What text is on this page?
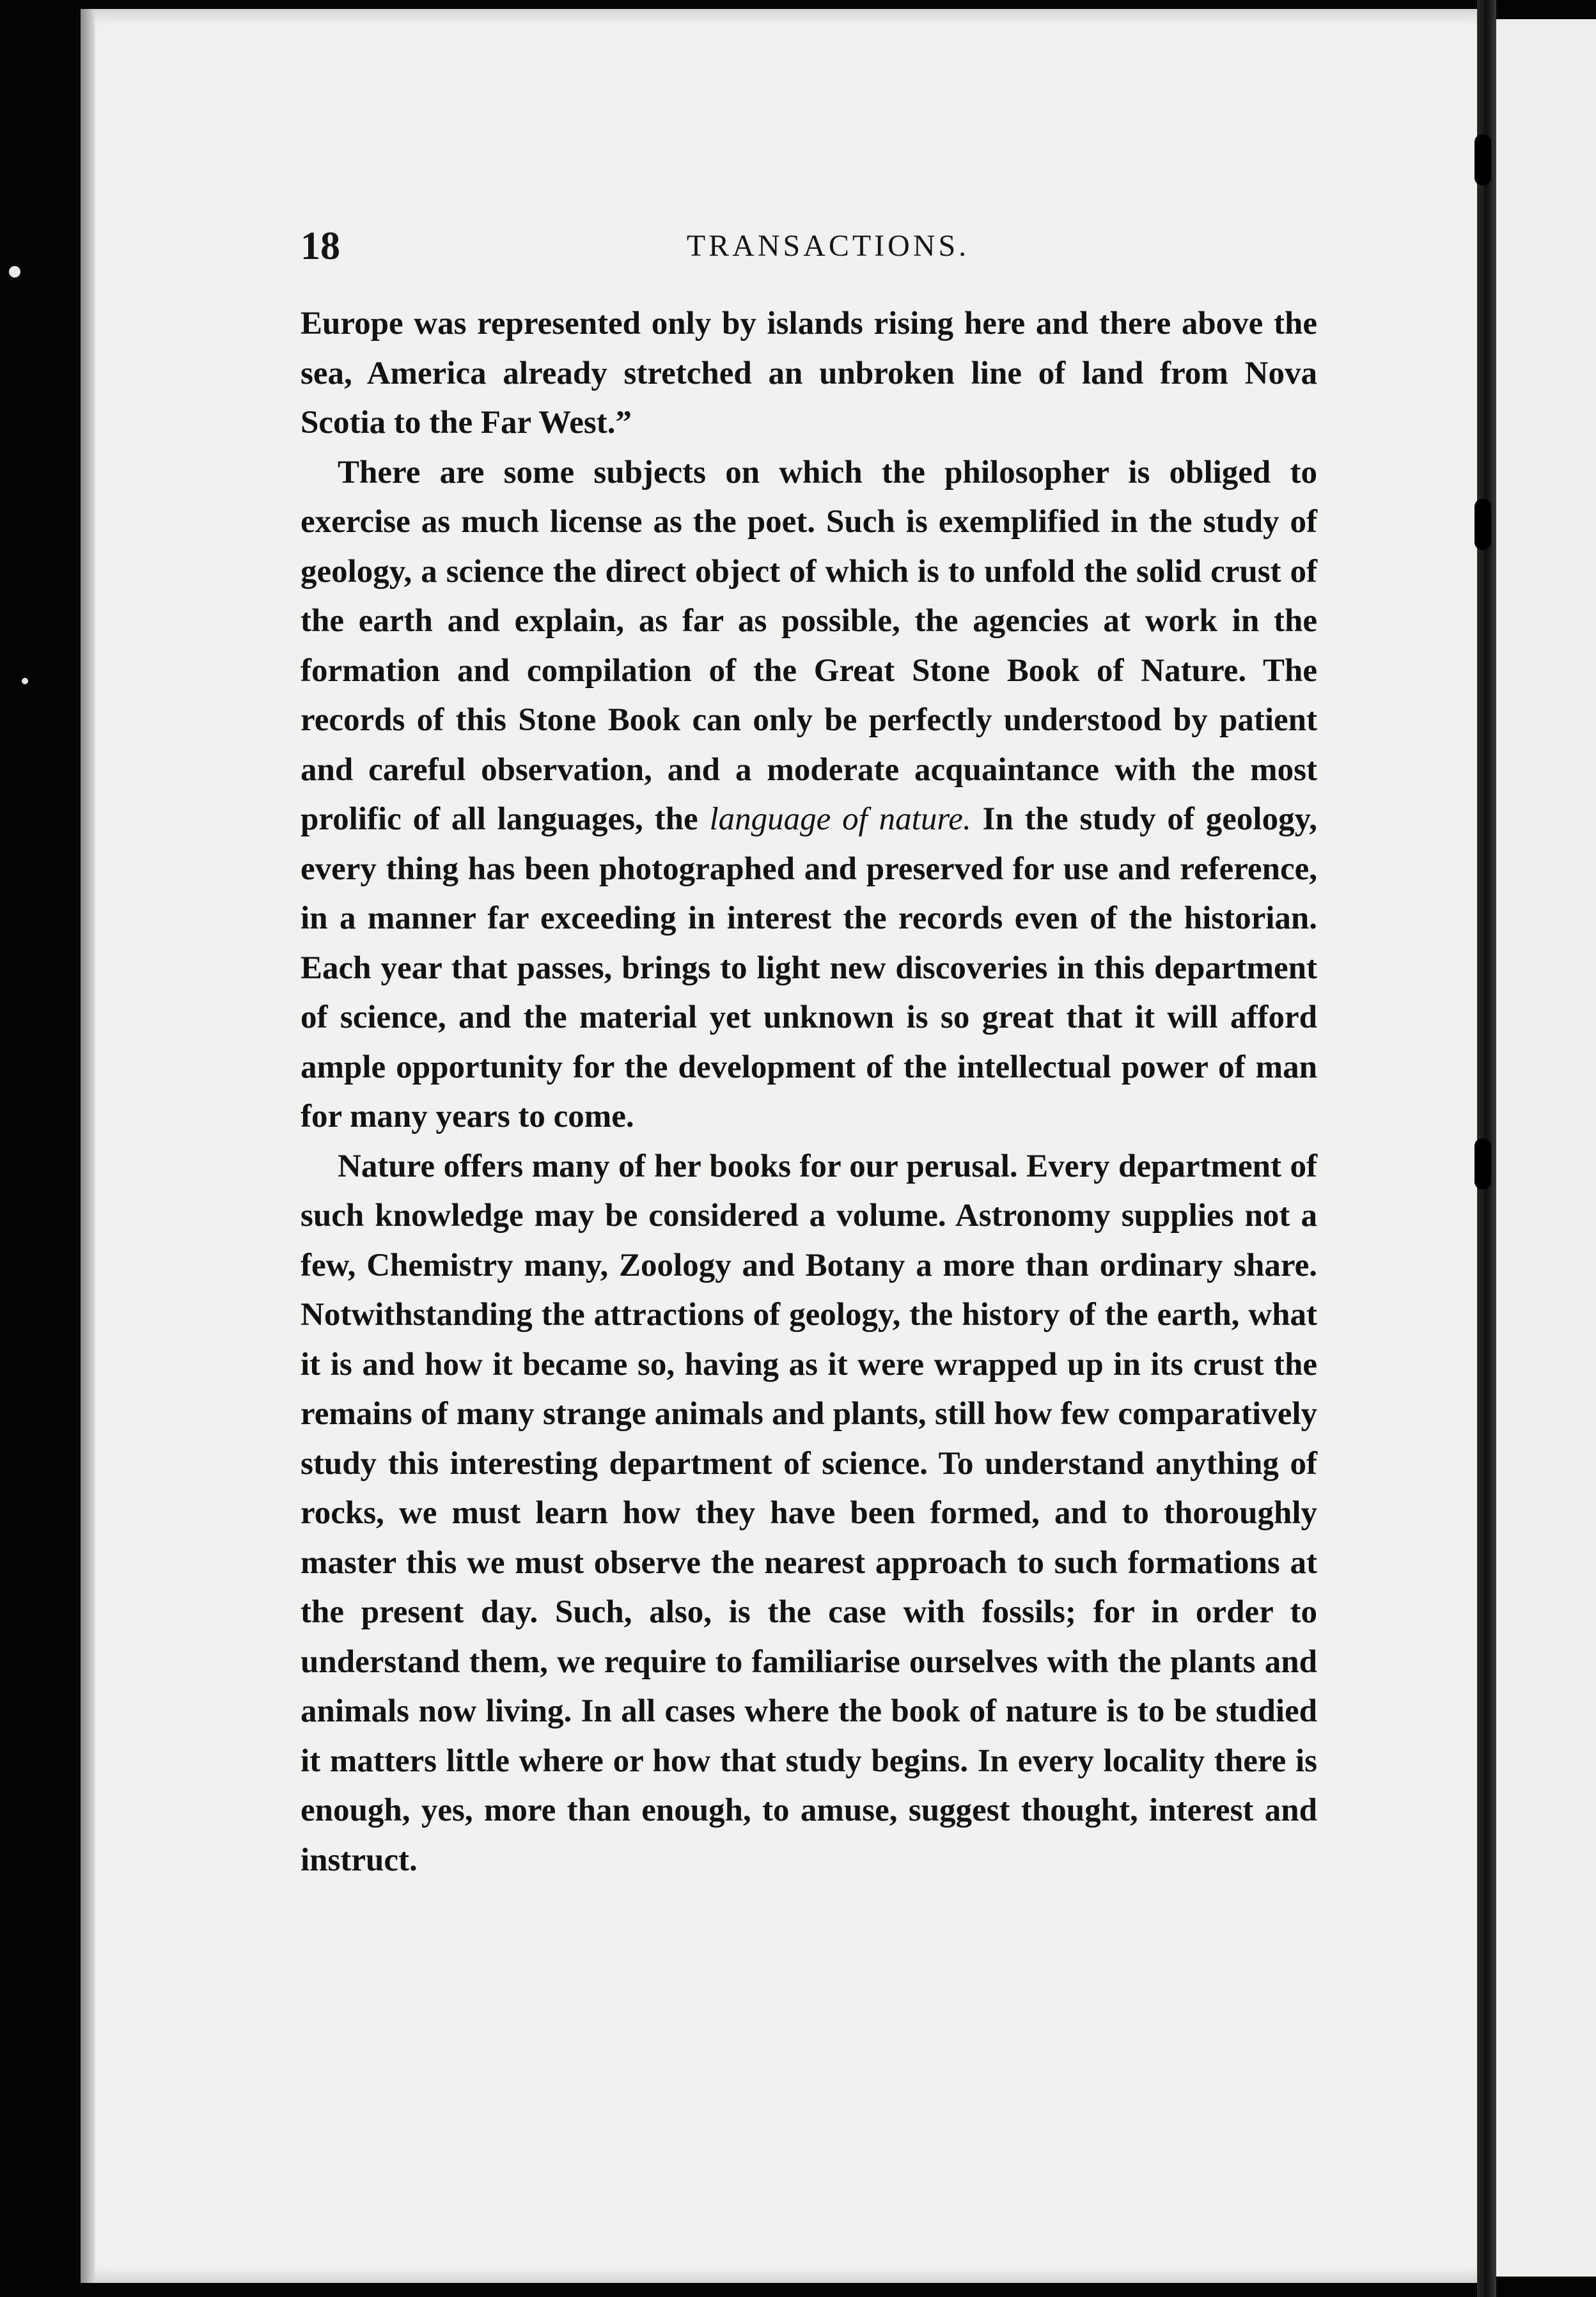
18	TRANSACTIONS.

Europe was represented only by islands rising here and there above the sea, America already stretched an unbroken line of land from Nova Scotia to the Far West.”

There are some subjects on which the philosopher is obliged to exercise as much license as the poet. Such is exemplified in the study of geology, a science the direct object of which is to unfold the solid crust of the earth and explain, as far as possible, the agencies at work in the formation and compilation of the Great Stone Book of Nature. The records of this Stone Book can only be perfectly understood by patient and careful observation, and a moderate acquaintance with the most prolific of all languages, the language of nature. In the study of geology, every thing has been photographed and preserved for use and reference, in a manner far exceeding in interest the records even of the historian. Each year that passes, brings to light new discoveries in this department of science, and the material yet unknown is so great that it will afford ample opportunity for the development of the intellectual power of man for many years to come.

Nature offers many of her books for our perusal. Every department of such knowledge may be considered a volume. Astronomy supplies not a few, Chemistry many, Zoology and Botany a more than ordinary share. Notwithstanding the attractions of geology, the history of the earth, what it is and how it became so, having as it were wrapped up in its crust the remains of many strange animals and plants, still how few comparatively study this interesting department of science. To understand anything of rocks, we must learn how they have been formed, and to thoroughly master this we must observe the nearest approach to such formations at the present day. Such, also, is the case with fossils; for in order to understand them, we require to familiarise ourselves with the plants and animals now living. In all cases where the book of nature is to be studied it matters little where or how that study begins. In every locality there is enough, yes, more than enough, to amuse, suggest thought, interest and instruct.
